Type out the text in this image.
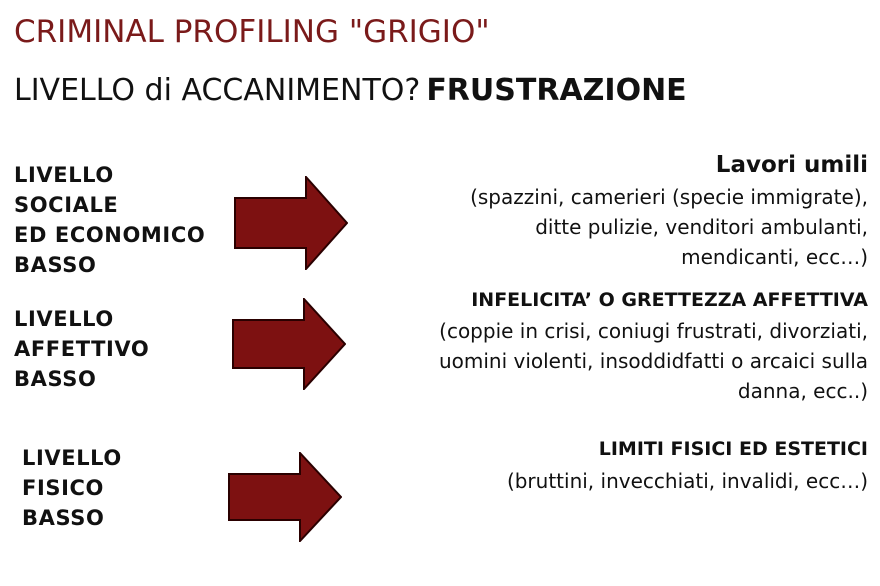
CRIMINAL PROFILING "GRIGIO"
LIVELLO di ACCANIMENTO? FRUSTRAZIONE
LIVELLO
SOCIALE
ED ECONOMICO
BASSO
Lavori umili
(spazzini, camerieri (specie immigrate),
ditte pulizie, venditori ambulanti,
mendicanti, ecc…)
LIVELLO
AFFETTIVO
BASSO
INFELICITA’ O GRETTEZZA AFFETTIVA
(coppie in crisi, coniugi frustrati, divorziati,
uomini violenti, insoddidfatti o arcaici sulla
danna, ecc..)
LIVELLO
FISICO
BASSO
LIMITI FISICI ED ESTETICI
(bruttini, invecchiati, invalidi, ecc…)
